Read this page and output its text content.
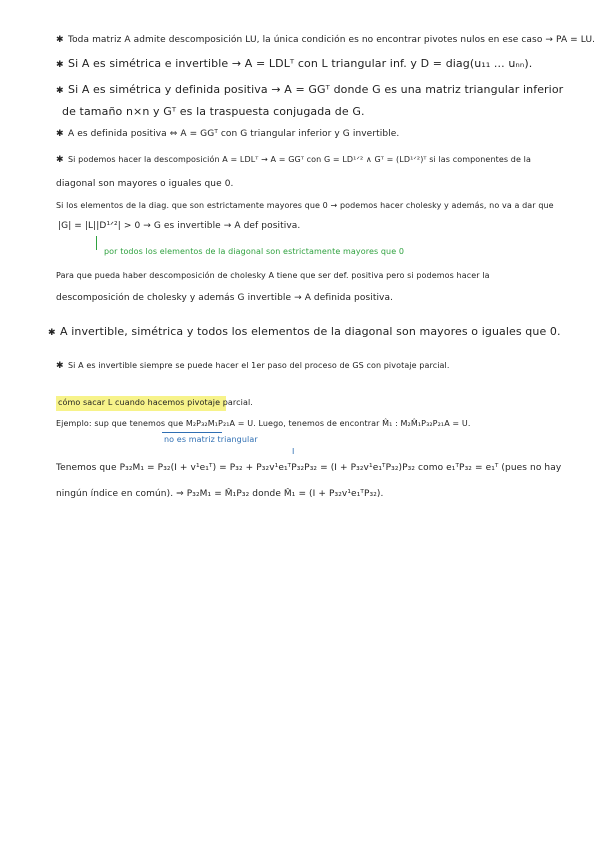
✱ Toda matriz A admite descomposición LU, la única condición es no encontrar pivotes nulos en ese caso → PA = LU.
✱ Si A es simétrica e invertible → A = LDLᵀ con L triangular inf. y D = diag(u₁₁ ... uₙₙ).
✱ Si A es simétrica y definida positiva → A = GGᵀ donde G es una matriz triangular inferior
de tamaño n×n y Gᵀ es la traspuesta conjugada de G.
✱ A es definida positiva ⇔ A = GGᵀ con G triangular inferior y G invertible.
✱ Si podemos hacer la descomposición A = LDLᵀ → A = GGᵀ con G = LD¹ᐟ² ∧ Gᵀ = (LD¹ᐟ²)ᵀ si las componentes de la
diagonal son mayores o iguales que 0.
Si los elementos de la diag. que son estrictamente mayores que 0 → podemos hacer cholesky y además, no va a dar que
|G| = |L||D¹ᐟ²| > 0 → G es invertible → A def positiva.
por todos los elementos de la diagonal son estrictamente mayores que 0
Para que pueda haber descomposición de cholesky A tiene que ser def. positiva pero si podemos hacer la
descomposición de cholesky y además G invertible → A definida positiva.
✱ A invertible, simétrica y todos los elementos de la diagonal son mayores o iguales que 0.
✱ Si A es invertible siempre se puede hacer el 1er paso del proceso de GS con pivotaje parcial.
cómo sacar L cuando hacemos pivotaje parcial.
Ejemplo: sup que tenemos que M₂P₃₂M₁P₂₁A = U. Luego, tenemos de encontrar M̂₁ : M₂M̂₁P₃₂P₂₁A = U.
no es matriz triangular
I
Tenemos que P₃₂M₁ = P₃₂(I + v¹e₁ᵀ) = P₃₂ + P₃₂v¹e₁ᵀP₃₂P₃₂ = (I + P₃₂v¹e₁ᵀP₃₂)P₃₂ como e₁ᵀP₃₂ = e₁ᵀ (pues no hay
ningún índice en común). ⇒ P₃₂M₁ = M̂₁P₃₂ donde M̂₁ = (I + P₃₂v¹e₁ᵀP₃₂).
